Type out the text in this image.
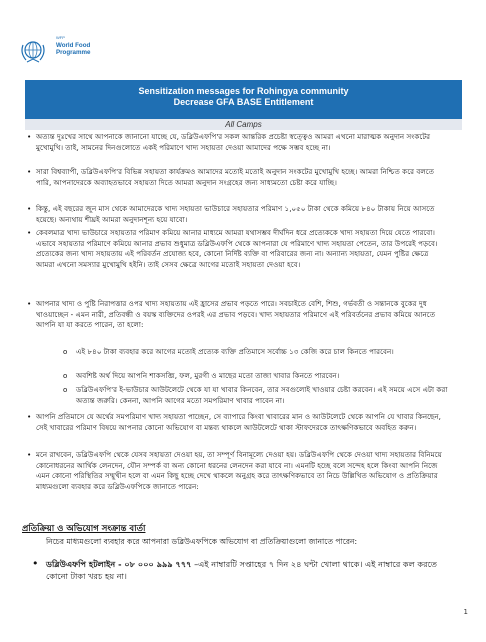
WFP
World Food
Programme
Sensitization messages for Rohingya community
Decrease GFA BASE Entitlement
All Camps
• অত্যন্ত দুঃখের সাথে আপনাকে জানানো যাচ্ছে যে, ডব্লিউএফপি'র সকল আন্তরিক প্রচেষ্টা স্বত্ত্বেও আমরা এখনো মারাত্মক অনুদান সংকটের মুখোমুখি। তাই, সামনের দিনগুলোতে একই পরিমাণে খাদ্য সহায়তা দেওয়া আমাদের পক্ষে সম্ভব হচ্ছে না।
• সারা বিশ্বব্যাপী, ডব্লিউএফপি'র বিভিন্ন সহায়তা কার্যক্রমও আমাদের মতোই মতোই অনুদান সংকটের মুখোমুখি হচ্ছে। আমরা নিশ্চিত করে বলতে পারি, আপনাদেরকে অব্যাহতভাবে সহায়তা দিতে আমরা অনুদান সংগ্রহের জন্য সাধ্যমতো চেষ্টা করে যাচ্ছি।
• কিন্তু, এই বছরের জুন মাস থেকে আমাদেরকে খাদ্য সহায়তা ভাউচারে সহায়তার পরিমাণ ১,০৫০ টাকা থেকে কমিয়ে ৮৪০ টাকায় নিয়ে আসতে হয়েছে। অন্যথায় শীঘ্রই আমরা অনুদানশূন্য হয়ে যাবো।
• কেবলমাত্র খাদ্য ভাউচারে সহায়তার পরিমাণ কমিয়ে আনার মাধ্যমে আমরা যথাসম্ভব দীর্ঘদিন ধরে প্রত্যেককে খাদ্য সহায়তা দিয়ে যেতে পারবো। এভাবে সহায়তার পরিমাণে কমিয়ে আনার প্রভাব শুধুমাত্র ডব্লিউএফপি থেকে আপনারা যে পরিমাণে খাদ্য সহায়তা পেতেন, তার উপরেই পড়বে। প্রত্যেকের জন্য খাদ্য সহায়তায় এই পরিবর্তন প্রযোজ্য হবে, কোনো নির্দিষ্ট ব্যক্তি বা পরিবারের জন্য না। অন্যান্য সহায়তা, যেমন পুষ্টির ক্ষেত্রে আমরা এখনো সমস্যার মুখোমুখি হইনি। তাই সেসব ক্ষেত্রে আগের মতোই সহায়তা দেওয়া হবে।
• আপনার খাদ্য ও পুষ্টি নিরাপত্তার ওপর খাদ্য সহায়তায় এই হ্রাসের প্রভাব পড়তে পারে। সবচাইতে বেশি, শিশু, গর্ভবতী ও সন্তানকে বুকের দুধ খাওয়াচ্ছেন - এমন নারী, প্রতিবন্ধী ও বয়স্ক ব্যক্তিদের ওপরই এর প্রভাব পড়বে। খাদ্য সহায়তার পরিমাণে এই পরিবর্তনের প্রভাব কমিয়ে আনতে আপনি যা যা করতে পারেন, তা হলো:
o এই ৮৪০ টাকা ব্যবহার করে আগের মতোই প্রত্যেক ব্যক্তি প্রতিমাসে সর্বোচ্চ ১৩ কেজি করে চাল কিনতে পারবেন।
o অবশিষ্ট অর্থ দিয়ে আপনি শাকসব্জি, ফল, মুরগী ও মাছের মতো তাজা খাবার কিনতে পারবেন।
o ডব্লিউএফপি'র ই-ভাউচার আউটলেটে থেকে যা যা খাবার কিনবেন, তার সবগুলোই খাওয়ার চেষ্টা করবেন। এই সময়ে এসে এটা করা অত্যন্ত জরুরি। কেননা, আপনি আগের মতো সমপরিমাণ খাবার পাবেন না।
• আপনি প্রতিমাসে যে অর্থের সমপরিমাণ খাদ্য সহায়তা পাচ্ছেন, সে ব্যাপারে কিংবা খাবারের মান ও আউটলেটে থেকে আপনি যে খাবার কিনছেন, সেই খাবারের পরিমাণ বিষয়ে আপনার কোনো অভিযোগ বা মন্তব্য থাকলে আউটলেটে থাকা স্টাফদেরকে তাৎক্ষণিকভাবে অবহিত করুন।
• মনে রাখবেন, ডব্লিউএফপি থেকে যেসব সহায়তা দেওয়া হয়, তা সম্পূর্ণ বিনামূল্যে দেওয়া হয়। ডব্লিউএফপি থেকে দেওয়া খাদ্য সহায়তার বিনিময়ে কোনোধরনের আর্থিক লেনদেন, যৌন সম্পর্ক বা অন্য কোনো ধরনের লেনদেন করা যাবে না। এমনটি হচ্ছে বলে সন্দেহ হলে কিংবা আপনি নিজে এমন কোনো পরিস্থিতির সম্মুখীন হলে বা এমন কিছু হচ্ছে দেখে থাকলে অনুগ্রহ করে তাৎক্ষণিকভাবে তা নিচে উল্লিখিত অভিযোগ ও প্রতিক্রিয়ার মাধ্যমগুলো ব্যবহার করে ডব্লিউএফপিকে জানাতে পারেন:
প্রতিক্রিয়া ও অভিযোগ সংক্রান্ত বার্তা
নিচের মাধ্যমগুলো ব্যবহার করে আপনারা ডব্লিউএফপিকে অভিযোগ বা প্রতিক্রিয়াগুলো জানাতে পারেন:
• ডব্লিউএফপি হটলাইন - ০৮ ০০০ ৯৯৯ ৭৭৭ –এই নাম্বারটি সপ্তাহের ৭ দিন ২৪ ঘন্টা খোলা থাকে। এই নাম্বারে কল করতে কোনো টাকা খরচ হয় না।
1
